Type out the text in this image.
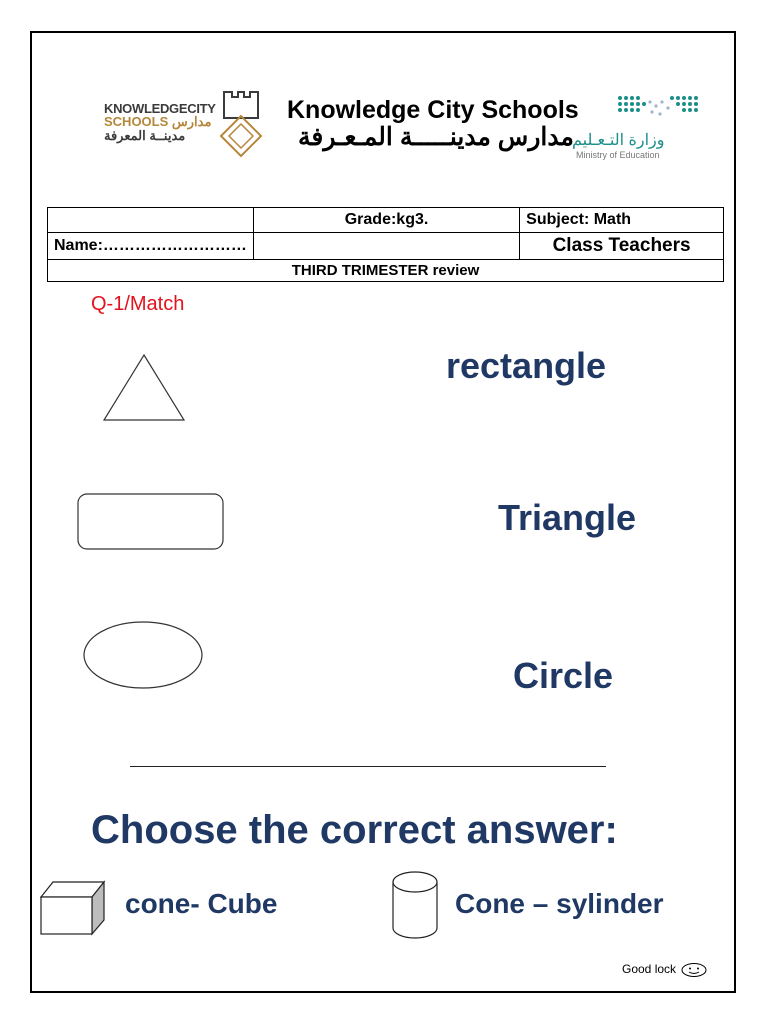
KNOWLEDGECITY
SCHOOLS مدارس
مدينــة المعرفة
Knowledge City Schools
مدارس مدينـــــة المـعـرفة
وزارة التـعـليم
Ministry of Education
	Grade:kg3.	Subject: Math
Name:………………………		Class Teachers
THIRD TRIMESTER review		
Q-1/Match
rectangle
Triangle
Circle
Choose the correct answer:
cone- Cube	Cone – sylinder
Good lock
